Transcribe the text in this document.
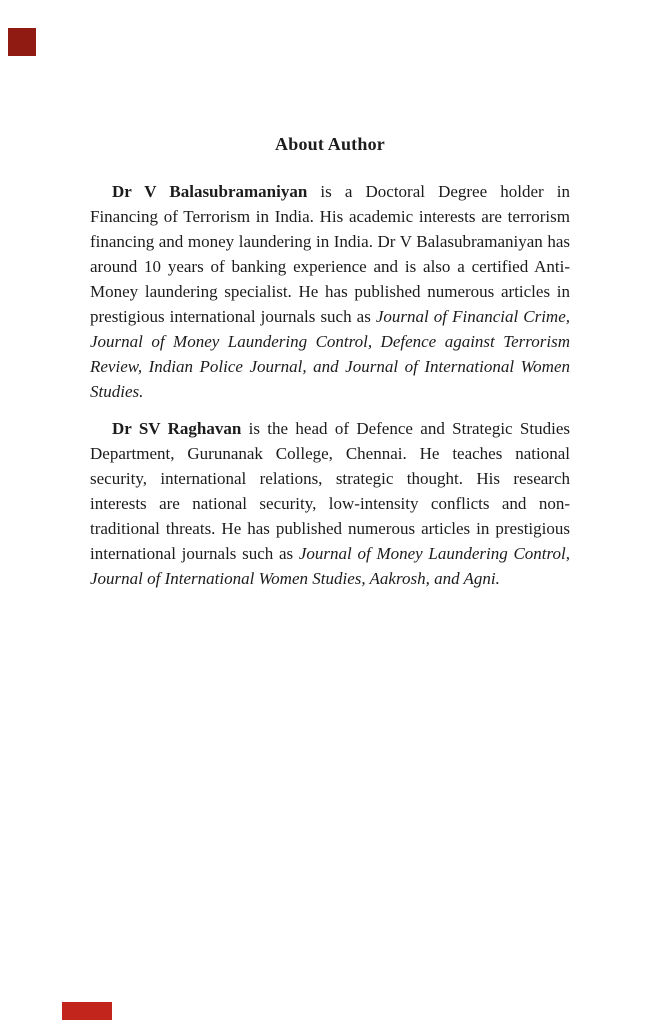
About Author

Dr V Balasubramaniyan is a Doctoral Degree holder in Financing of Terrorism in India. His academic interests are terrorism financing and money laundering in India. Dr V Balasubramaniyan has around 10 years of banking experience and is also a certified Anti-Money laundering specialist. He has published numerous articles in prestigious international journals such as Journal of Financial Crime, Journal of Money Laundering Control, Defence against Terrorism Review, Indian Police Journal, and Journal of International Women Studies.

Dr SV Raghavan is the head of Defence and Strategic Studies Department, Gurunanak College, Chennai. He teaches national security, international relations, strategic thought. His research interests are national security, low-intensity conflicts and non-traditional threats. He has published numerous articles in prestigious international journals such as Journal of Money Laundering Control, Journal of International Women Studies, Aakrosh, and Agni.
